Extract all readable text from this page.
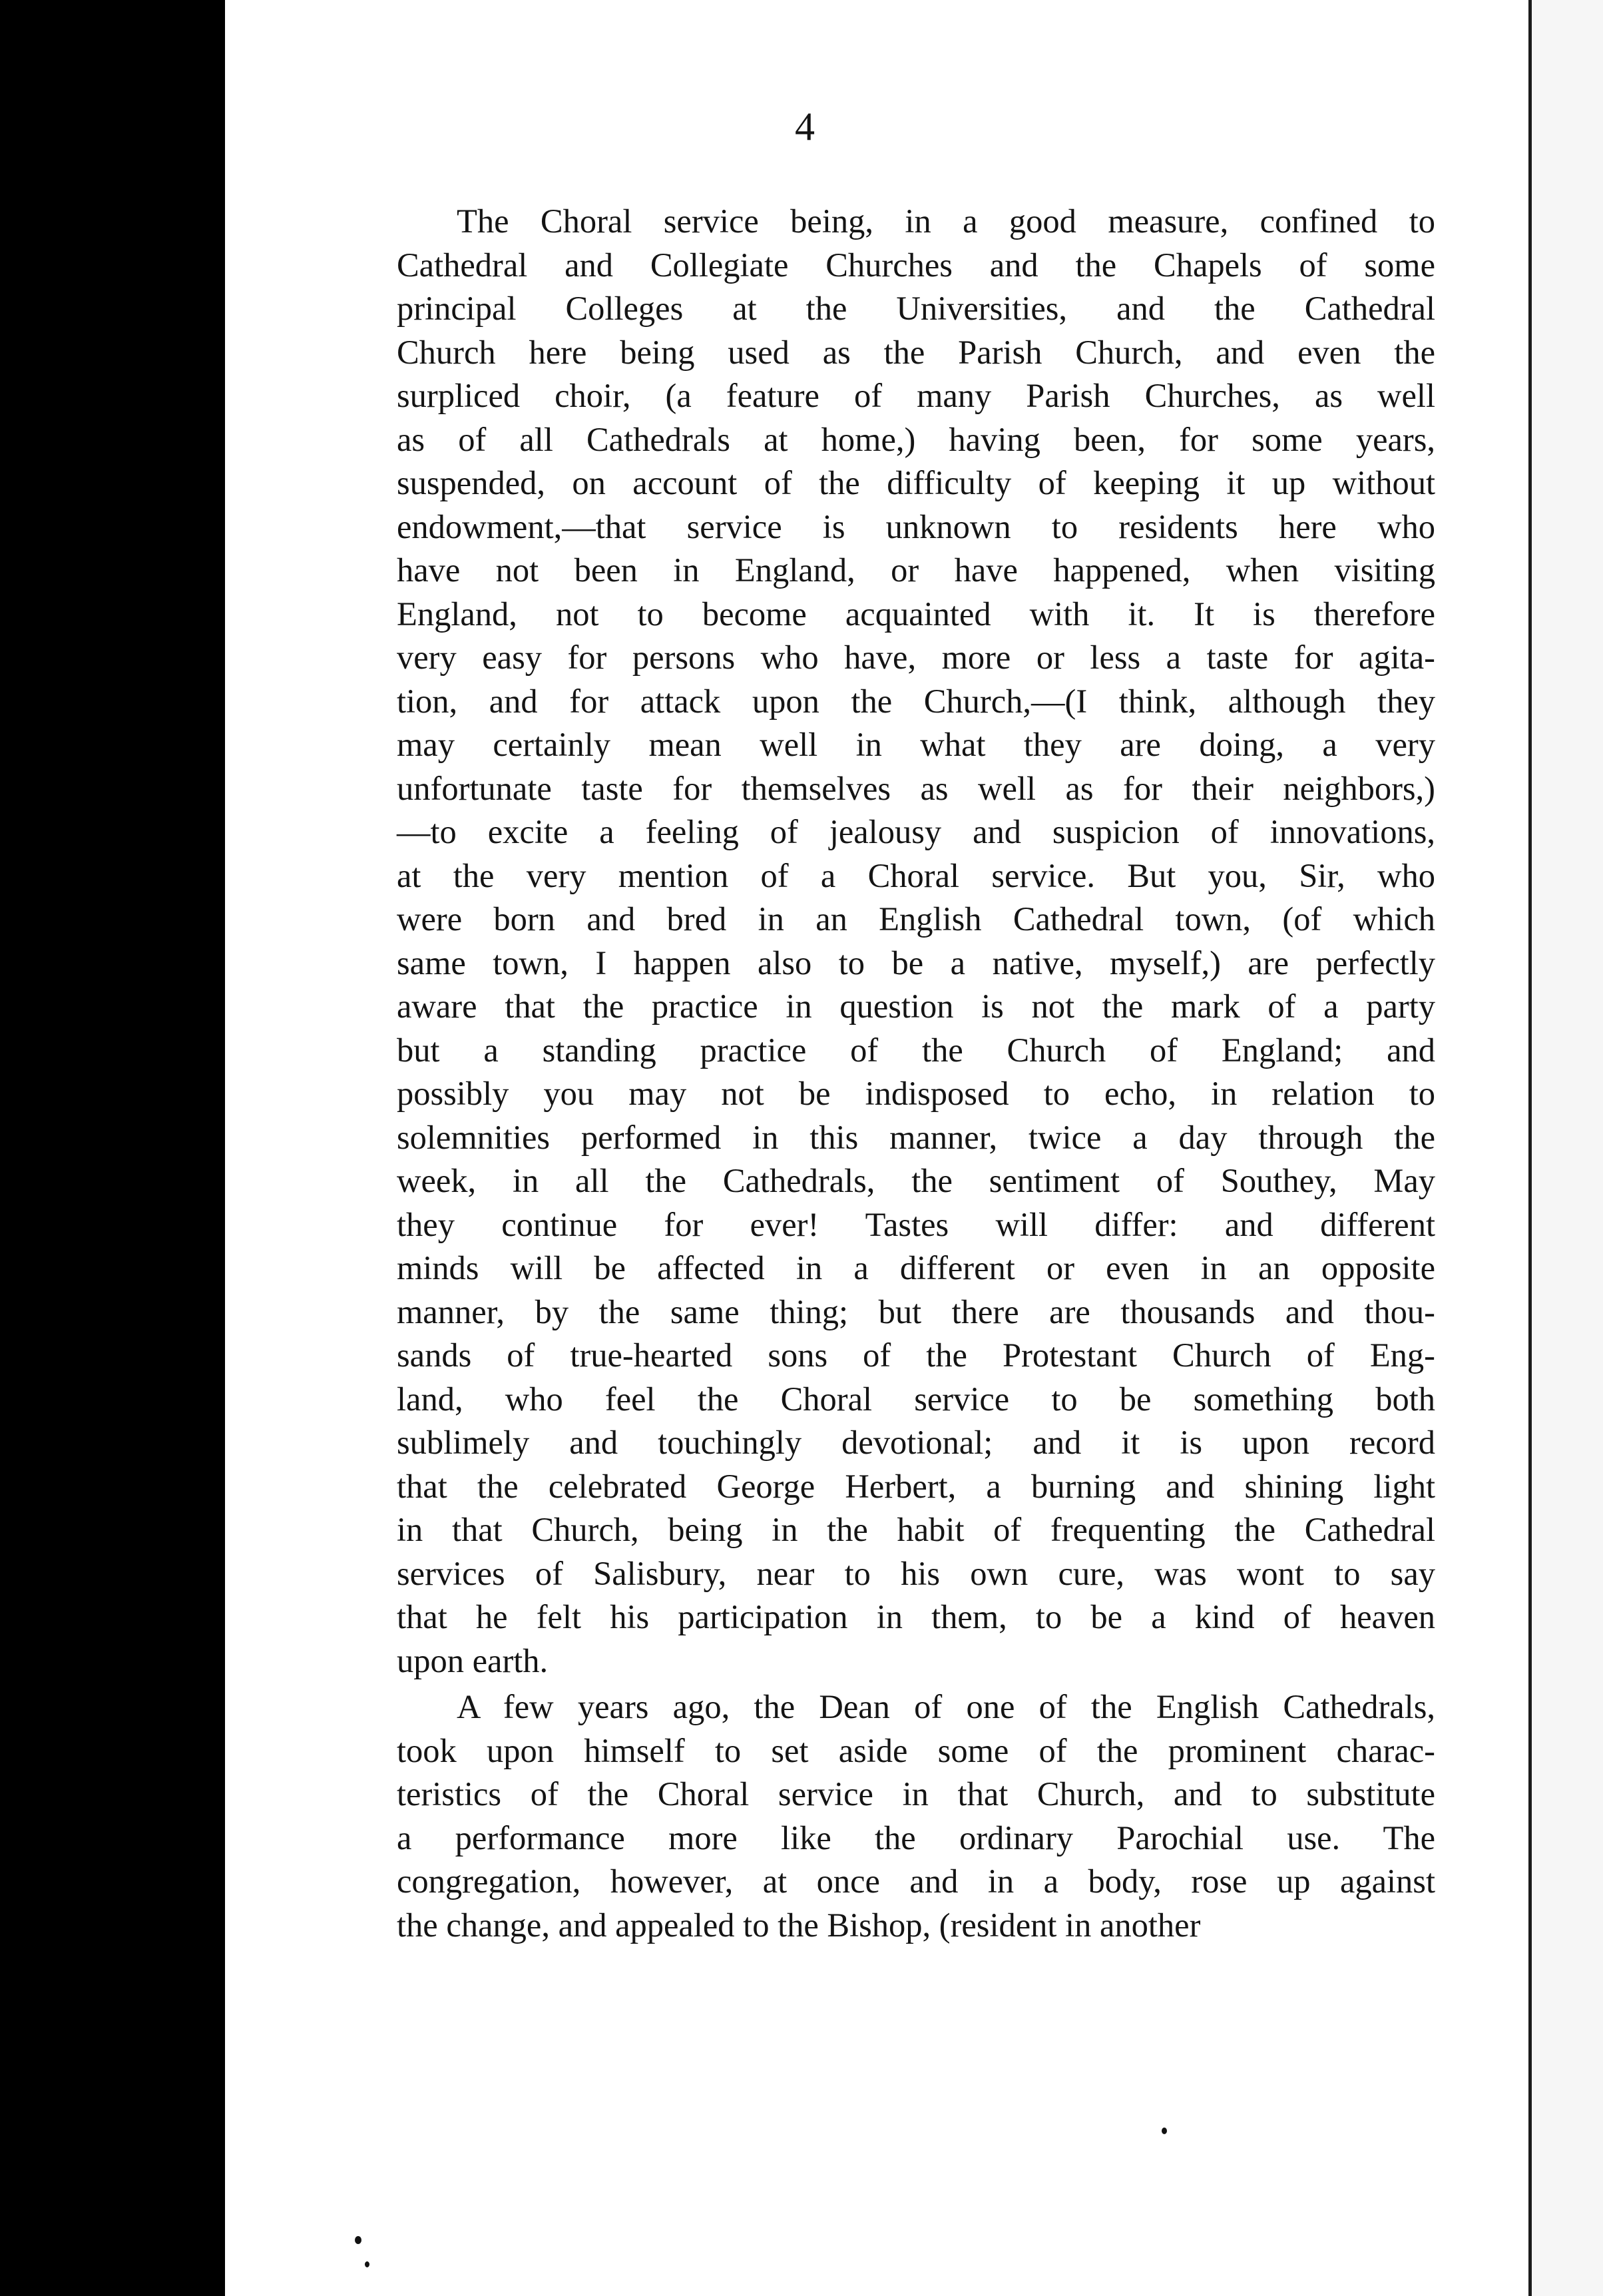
4

The Choral service being, in a good measure, confined to
Cathedral and Collegiate Churches and the Chapels of some
principal Colleges at the Universities, and the Cathedral
Church here being used as the Parish Church, and even the
surpliced choir, (a feature of many Parish Churches, as well
as of all Cathedrals at home,) having been, for some years,
suspended, on account of the difficulty of keeping it up without
endowment,—that service is unknown to residents here who
have not been in England, or have happened, when visiting
England, not to become acquainted with it. It is therefore
very easy for persons who have, more or less a taste for agita-
tion, and for attack upon the Church,—(I think, although they
may certainly mean well in what they are doing, a very
unfortunate taste for themselves as well as for their neighbors,)
—to excite a feeling of jealousy and suspicion of innovations,
at the very mention of a Choral service. But you, Sir, who
were born and bred in an English Cathedral town, (of which
same town, I happen also to be a native, myself,) are perfectly
aware that the practice in question is not the mark of a party
but a standing practice of the Church of England; and
possibly you may not be indisposed to echo, in relation to
solemnities performed in this manner, twice a day through the
week, in all the Cathedrals, the sentiment of Southey, May
they continue for ever! Tastes will differ: and different
minds will be affected in a different or even in an opposite
manner, by the same thing; but there are thousands and thou-
sands of true-hearted sons of the Protestant Church of Eng-
land, who feel the Choral service to be something both
sublimely and touchingly devotional; and it is upon record
that the celebrated George Herbert, a burning and shining light
in that Church, being in the habit of frequenting the Cathedral
services of Salisbury, near to his own cure, was wont to say
that he felt his participation in them, to be a kind of heaven
upon earth.

A few years ago, the Dean of one of the English Cathedrals,
took upon himself to set aside some of the prominent charac-
teristics of the Choral service in that Church, and to substitute
a performance more like the ordinary Parochial use. The
congregation, however, at once and in a body, rose up against
the change, and appealed to the Bishop, (resident in another
